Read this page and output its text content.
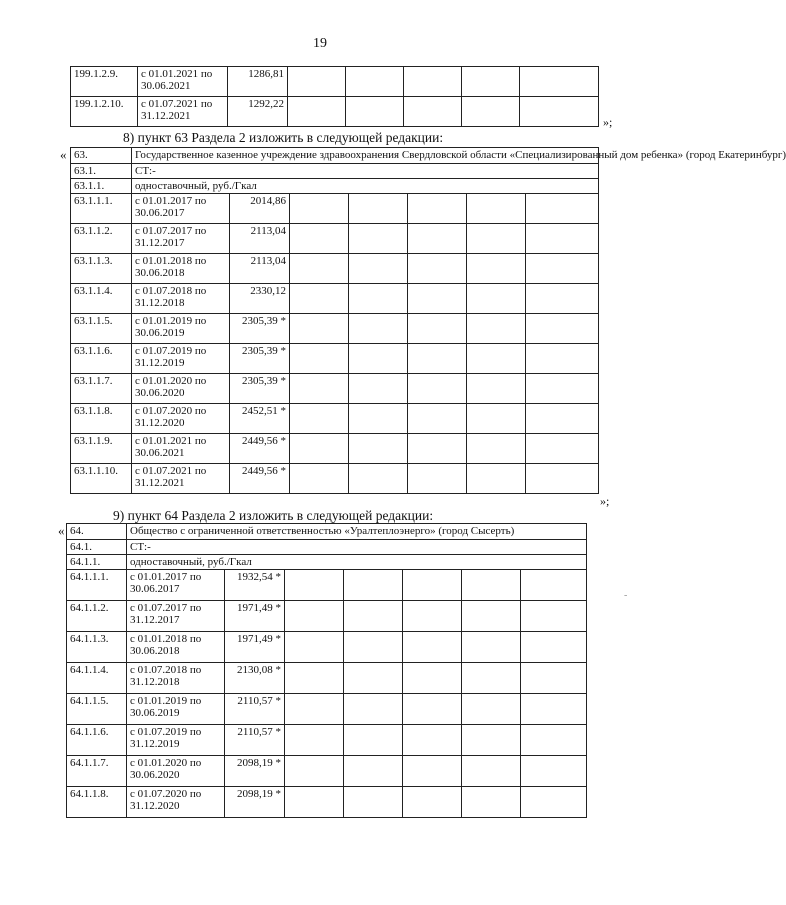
19
199.1.2.9.	с 01.01.2021 по
30.06.2021	1286,81					
199.1.2.10.	с 01.07.2021 по
31.12.2021	1292,22					
»;
8) пункт 63 Раздела 2 изложить в следующей редакции:
« 63.	Государственное казенное учреждение здравоохранения Свердловской области «Специализированный дом ребенка» (город Екатеринбург)						
63.1.	СТ:-						
63.1.1.	одноставочный, руб./Гкал						
63.1.1.1.	с 01.01.2017 по
30.06.2017	2014,86					
63.1.1.2.	с 01.07.2017 по
31.12.2017	2113,04					
63.1.1.3.	с 01.01.2018 по
30.06.2018	2113,04					
63.1.1.4.	с 01.07.2018 по
31.12.2018	2330,12					
63.1.1.5.	с 01.01.2019 по
30.06.2019	2305,39 *					
63.1.1.6.	с 01.07.2019 по
31.12.2019	2305,39 *					
63.1.1.7.	с 01.01.2020 по
30.06.2020	2305,39 *					
63.1.1.8.	с 01.07.2020 по
31.12.2020	2452,51 *					
63.1.1.9.	с 01.01.2021 по
30.06.2021	2449,56 *					
63.1.1.10.	с 01.07.2021 по
31.12.2021	2449,56 *					
»;
9) пункт 64 Раздела 2 изложить в следующей редакции:
« 64.	Общество с ограниченной ответственностью «Уралтеплоэнерго» (город Сысерть)						
64.1.	СТ:-						
64.1.1.	одноставочный, руб./Гкал						
64.1.1.1.	с 01.01.2017 по
30.06.2017	1932,54 *					
64.1.1.2.	с 01.07.2017 по
31.12.2017	1971,49 *					
64.1.1.3.	с 01.01.2018 по
30.06.2018	1971,49 *					
64.1.1.4.	с 01.07.2018 по
31.12.2018	2130,08 *					
64.1.1.5.	с 01.01.2019 по
30.06.2019	2110,57 *					
64.1.1.6.	с 01.07.2019 по
31.12.2019	2110,57 *					
64.1.1.7.	с 01.01.2020 по
30.06.2020	2098,19 *					
64.1.1.8.	с 01.07.2020 по
31.12.2020	2098,19 *					
-
